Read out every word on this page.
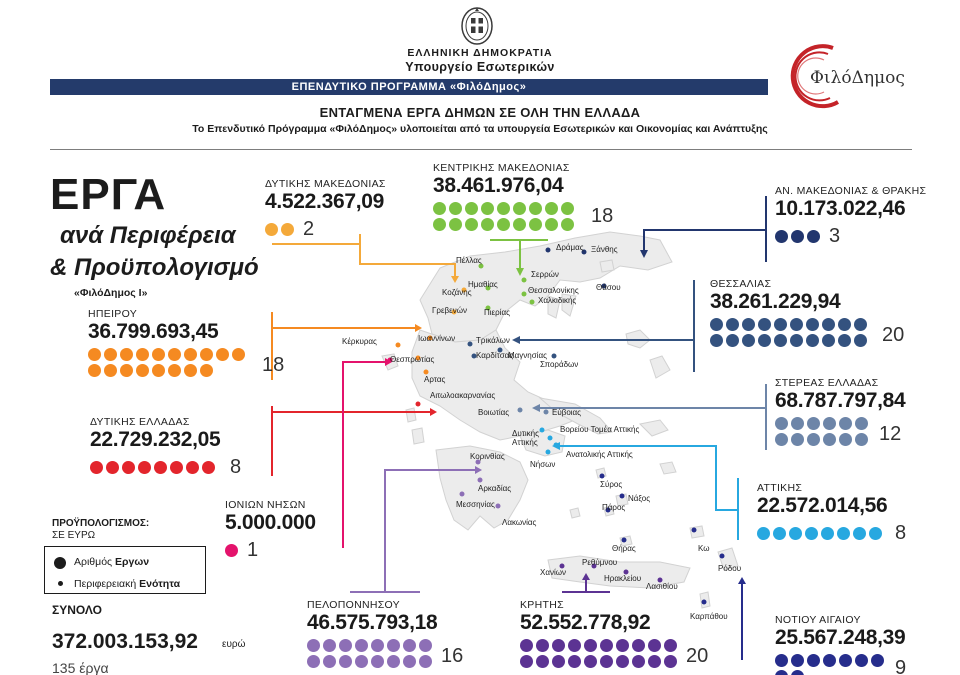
ΕΛΛΗΝΙΚΗ ΔΗΜΟΚΡΑΤΙΑ
Υπουργείο Εσωτερικών
ΕΠΕΝΔΥΤΙΚΟ ΠΡΟΓΡΑΜΜΑ «ΦιλόΔημος»	ΦιλόΔημος
ΕΝΤΑΓΜΕΝΑ ΕΡΓΑ ΔΗΜΩΝ ΣΕ ΟΛΗ ΤΗΝ ΕΛΛΑΔΑ
Το Επενδυτικό Πρόγραμμα «ΦιλόΔημος» υλοποιείται από τα υπουργεία Εσωτερικών και Οικονομίας και Ανάπτυξης
ΕΡΓΑ
ανά Περιφέρεια
& Προϋπολογισμό
«ΦιλόΔημος Ι»
Δράμας Ξάνθης
Πέλλας
Σερρών
Ημαθίας
Θεσσαλονίκης Θάσου
Κοζάνης
Χαλκιδικής
Γρεβενών Πιερίας
Ιωαννίνων	Τρικάλων
Κέρκυρας
Θεσπρωτίας	Καρδίτσας
Μαγνησίας
Σποράδων
Αρτας
Αιτωλοακαρνανίας
Βοιωτίας	Εύβοιας
Βορείου Τομέα Αττικής
Δυτικής
Αττικής
Ανατολικής Αττικής
Νήσων
Κορινθίας
Αρκαδίας	Σύρος
Νάξος
Μεσσηνίας	Πάρος
Λακωνίας
Θήρας	Κω
Ρόδου
Χανίων
Ρεθύμνου
Ηρακλείου
Λασιθίου
Καρπάθου
ΔΥΤΙΚΗΣ ΜΑΚΕΔΟΝΙΑΣ
4.522.367,09
2
ΚΕΝΤΡΙΚΗΣ ΜΑΚΕΔΟΝΙΑΣ
38.461.976,04
18
ΑΝ. ΜΑΚΕΔΟΝΙΑΣ & ΘΡΑΚΗΣ
10.173.022,46
3
ΗΠΕΙΡΟΥ
36.799.693,45
18
ΘΕΣΣΑΛΙΑΣ
38.261.229,94
20
ΣΤΕΡΕΑΣ ΕΛΛΑΔΑΣ
68.787.797,84
12
ΔΥΤΙΚΗΣ ΕΛΛΑΔΑΣ
22.729.232,05
8
ΙΟΝΙΩΝ ΝΗΣΩΝ
5.000.000
1
ΑΤΤΙΚΗΣ
22.572.014,56
8
ΠΕΛΟΠΟΝΝΗΣΟΥ
46.575.793,18
16
ΚΡΗΤΗΣ
52.552.778,92
20
ΝΟΤΙΟΥ ΑΙΓΑΙΟΥ
25.567.248,39
9
ΠΡΟΫΠΟΛΟΓΙΣΜΟΣ:
ΣΕ ΕΥΡΩ
Αριθμός Εργων
Περιφερειακή Ενότητα
ΣΥΝΟΛΟ
372.003.153,92 ευρώ
135 έργα
